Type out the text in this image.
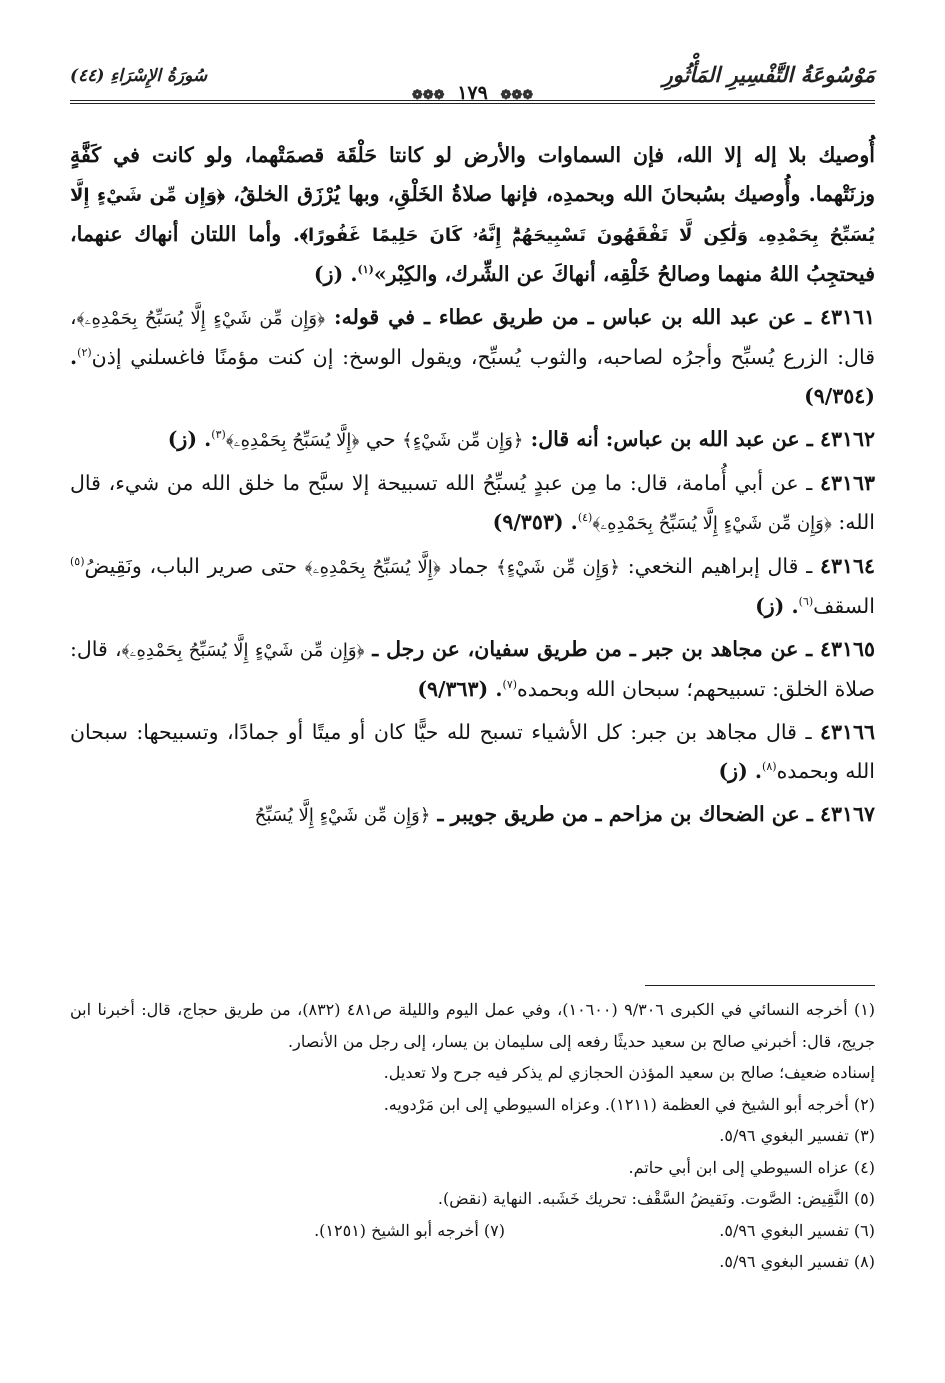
مَوْسُوعَةُ التَّفْسِيرِ المَأْثُورِ
❁❁❁ ١٧٩ ❁❁❁
سُورَةُ الإِسْرَاءِ (٤٤)

أُوصيك بلا إله إلا الله، فإن السماوات والأرض لو كانتا حَلْقَة قصمَتْهما، ولو كانت في كَفَّةٍ وزنَتْهما. وأُوصيك بسُبحانَ الله وبحمدِه، فإنها صلاةُ الخَلْقِ، وبها يُرْزَق الخلقُ، ﴿وَإِن مِّن شَيْءٍ إِلَّا يُسَبِّحُ بِحَمْدِهِۦ وَلَٰكِن لَّا تَفْقَهُونَ تَسْبِيحَهُمْۗ إِنَّهُۥ كَانَ حَلِيمًا غَفُورًا﴾. وأما اللتان أنهاك عنهما، فيحتجِبُ اللهُ منهما وصالحُ خَلْقِه، أنهاكَ عن الشِّرك، والكِبْر»$^{(١)}$. (ز)

٤٣١٦١ ـ عن عبد الله بن عباس ـ من طريق عطاء ـ في قوله: ﴿وَإِن مِّن شَيْءٍ إِلَّا يُسَبِّحُ بِحَمْدِهِۦ﴾، قال: الزرع يُسبِّح وأجرُه لصاحبه، والثوب يُسبِّح، ويقول الوسخ: إن كنت مؤمنًا فاغسلني إذن$^{(٢)}$. (٩/٣٥٤)

٤٣١٦٢ ـ عن عبد الله بن عباس: أنه قال: ﴿وَإِن مِّن شَيْءٍ﴾ حي ﴿إِلَّا يُسَبِّحُ بِحَمْدِهِۦ﴾$^{(٣)}$. (ز)

٤٣١٦٣ ـ عن أبي أُمامة، قال: ما مِن عبدٍ يُسبِّحُ الله تسبيحة إلا سبَّح ما خلق الله من شيء، قال الله: ﴿وَإِن مِّن شَيْءٍ إِلَّا يُسَبِّحُ بِحَمْدِهِۦ﴾$^{(٤)}$. (٩/٣٥٣)

٤٣١٦٤ ـ قال إبراهيم النخعي: ﴿وَإِن مِّن شَيْءٍ﴾ جماد ﴿إِلَّا يُسَبِّحُ بِحَمْدِهِۦ﴾ حتى صرير الباب، ونَقِيضُ$^{(٥)}$ السقف$^{(٦)}$. (ز)

٤٣١٦٥ ـ عن مجاهد بن جبر ـ من طريق سفيان، عن رجل ـ ﴿وَإِن مِّن شَيْءٍ إِلَّا يُسَبِّحُ بِحَمْدِهِۦ﴾، قال: صلاة الخلق: تسبيحهم؛ سبحان الله وبحمده$^{(٧)}$. (٩/٣٦٣)

٤٣١٦٦ ـ قال مجاهد بن جبر: كل الأشياء تسبح لله حيًّا كان أو ميتًا أو جمادًا، وتسبيحها: سبحان الله وبحمده$^{(٨)}$. (ز)

٤٣١٦٧ ـ عن الضحاك بن مزاحم ـ من طريق جويبر ـ ﴿وَإِن مِّن شَيْءٍ إِلَّا يُسَبِّحُ

(١) أخرجه النسائي في الكبرى ٩/٣٠٦ (١٠٦٠٠)، وفي عمل اليوم والليلة ص٤٨١ (٨٣٢)، من طريق حجاج، قال: أخبرنا ابن جريج، قال: أخبرني صالح بن سعيد حديثًا رفعه إلى سليمان بن يسار، إلى رجل من الأنصار.

إسناده ضعيف؛ صالح بن سعيد المؤذن الحجازي لم يذكر فيه جرح ولا تعديل.

(٢) أخرجه أبو الشيخ في العظمة (١٢١١). وعزاه السيوطي إلى ابن مَرْدويه.

(٣) تفسير البغوي ٥/٩٦.

(٤) عزاه السيوطي إلى ابن أبي حاتم.

(٥) النَّقِيض: الصَّوت. ونَقيضُ السَّقْف: تحريك خَشَبه. النهاية (نقض).

(٦) تفسير البغوي ٥/٩٦.

(٧) أخرجه أبو الشيخ (١٢٥١).

(٨) تفسير البغوي ٥/٩٦.
